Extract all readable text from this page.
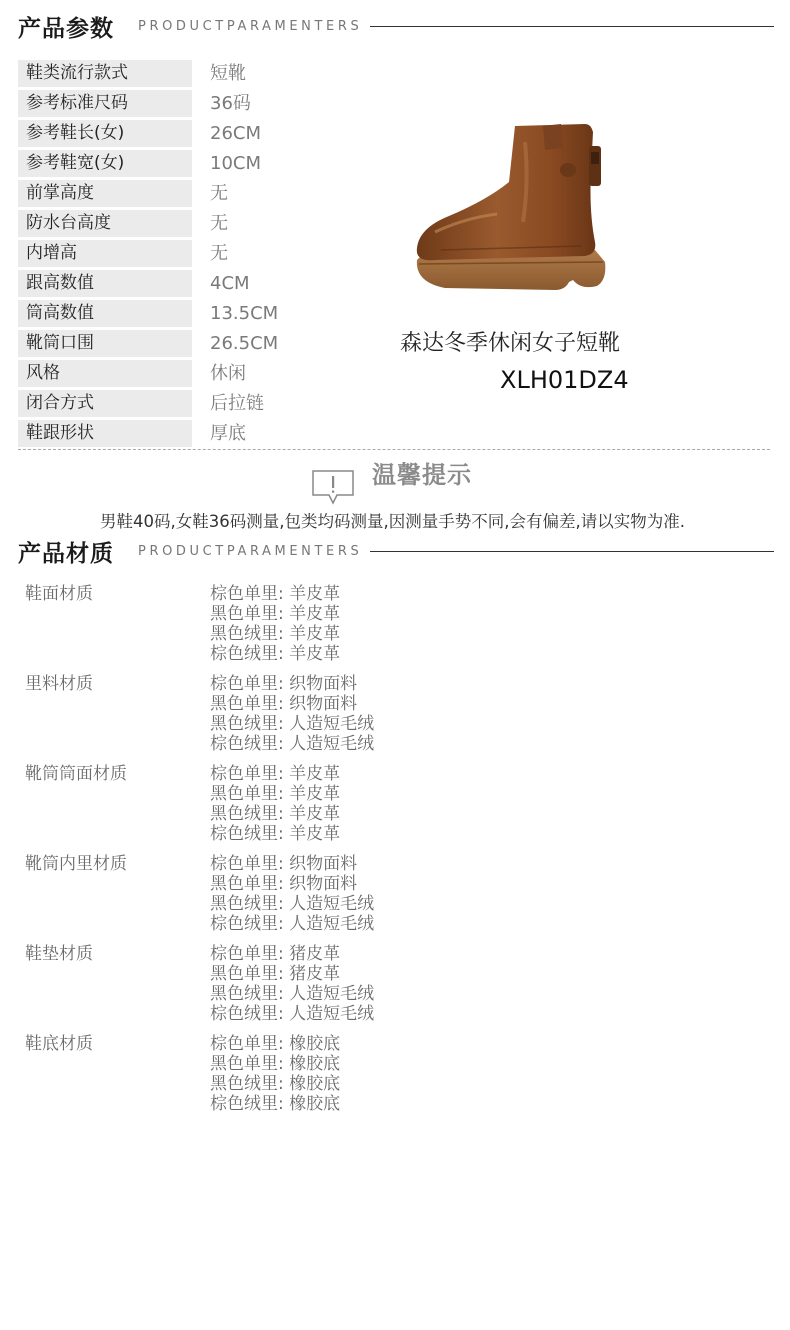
产品参数 PRODUCTPARAMENTERS
鞋类流行款式	短靴
参考标准尺码	36码
参考鞋长(女)	26CM
参考鞋宽(女)	10CM
前掌高度	无
防水台高度	无
内增高	无
跟高数值	4CM
筒高数值	13.5CM
靴筒口围	26.5CM
风格	休闲
闭合方式	后拉链
鞋跟形状	厚底
森达冬季休闲女子短靴
XLH01DZ4
温馨提示
男鞋40码,女鞋36码测量,包类均码测量,因测量手势不同,会有偏差,请以实物为准.
产品材质 PRODUCTPARAMENTERS
鞋面材质	棕色单里: 羊皮革
黑色单里: 羊皮革
黑色绒里: 羊皮革
棕色绒里: 羊皮革
里料材质	棕色单里: 织物面料
黑色单里: 织物面料
黑色绒里: 人造短毛绒
棕色绒里: 人造短毛绒
靴筒筒面材质	棕色单里: 羊皮革
黑色单里: 羊皮革
黑色绒里: 羊皮革
棕色绒里: 羊皮革
靴筒内里材质	棕色单里: 织物面料
黑色单里: 织物面料
黑色绒里: 人造短毛绒
棕色绒里: 人造短毛绒
鞋垫材质	棕色单里: 猪皮革
黑色单里: 猪皮革
黑色绒里: 人造短毛绒
棕色绒里: 人造短毛绒
鞋底材质	棕色单里: 橡胶底
黑色单里: 橡胶底
黑色绒里: 橡胶底
棕色绒里: 橡胶底
